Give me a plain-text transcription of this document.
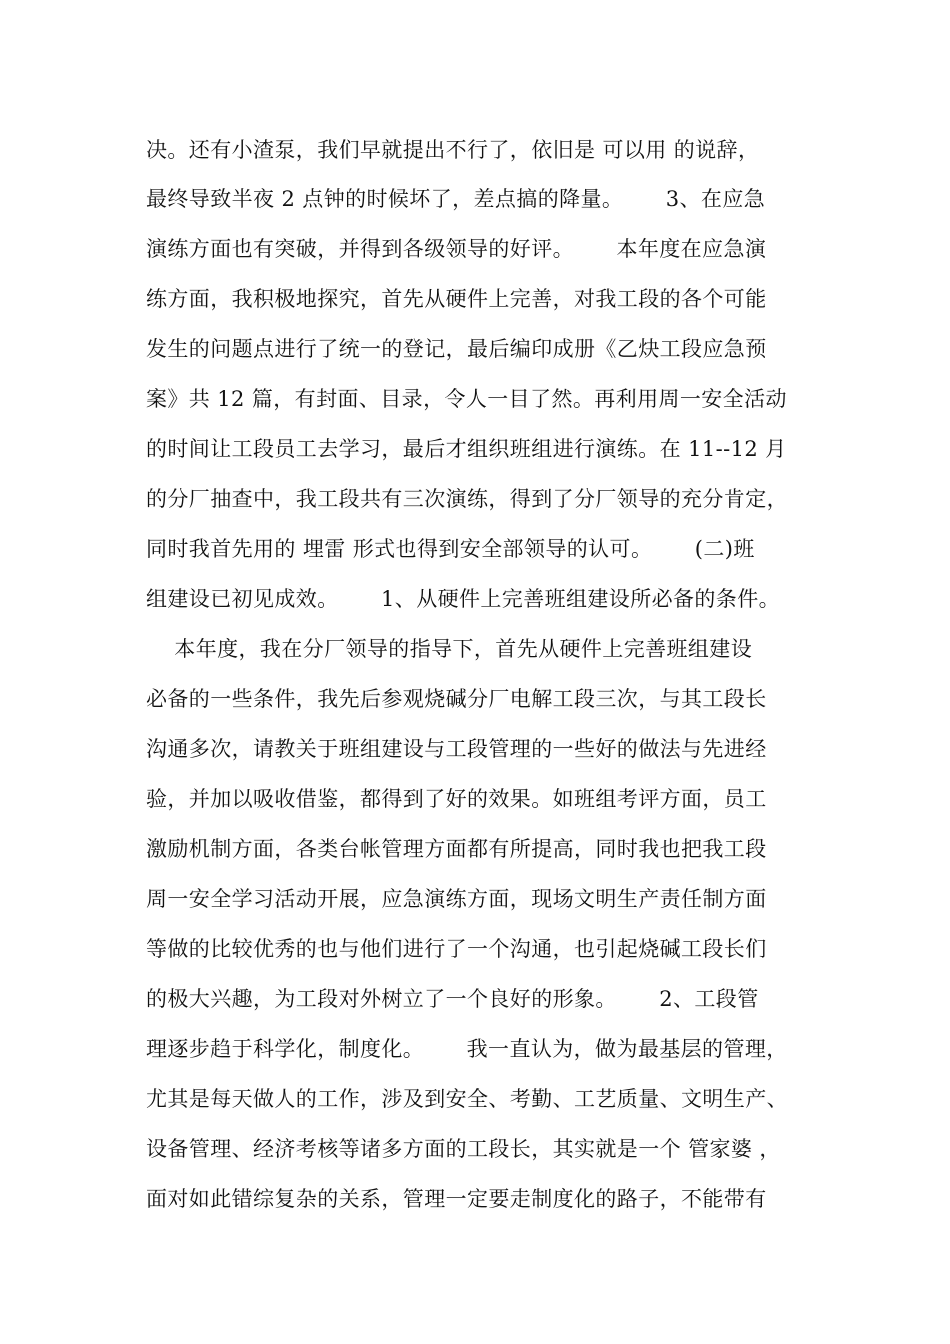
决。还有小渣泵，我们早就提出不行了，依旧是 可以用 的说辞，
最终导致半夜 2 点钟的时候坏了，差点搞的降量。      3、在应急
演练方面也有突破，并得到各级领导的好评。      本年度在应急演
练方面，我积极地探究，首先从硬件上完善，对我工段的各个可能
发生的问题点进行了统一的登记，最后编印成册《乙炔工段应急预
案》共 12 篇，有封面、目录，令人一目了然。再利用周一安全活动
的时间让工段员工去学习，最后才组织班组进行演练。在 11--12 月
的分厂抽查中，我工段共有三次演练，得到了分厂领导的充分肯定，
同时我首先用的 埋雷 形式也得到安全部领导的认可。      (二)班
组建设已初见成效。      1、从硬件上完善班组建设所必备的条件。
本年度，我在分厂领导的指导下，首先从硬件上完善班组建设
必备的一些条件，我先后参观烧碱分厂电解工段三次，与其工段长
沟通多次，请教关于班组建设与工段管理的一些好的做法与先进经
验，并加以吸收借鉴，都得到了好的效果。如班组考评方面，员工
激励机制方面，各类台帐管理方面都有所提高，同时我也把我工段
周一安全学习活动开展，应急演练方面，现场文明生产责任制方面
等做的比较优秀的也与他们进行了一个沟通，也引起烧碱工段长们
的极大兴趣，为工段对外树立了一个良好的形象。      2、工段管
理逐步趋于科学化，制度化。      我一直认为，做为最基层的管理，
尤其是每天做人的工作，涉及到安全、考勤、工艺质量、文明生产、
设备管理、经济考核等诸多方面的工段长，其实就是一个 管家婆 ，
面对如此错综复杂的关系，管理一定要走制度化的路子，不能带有
